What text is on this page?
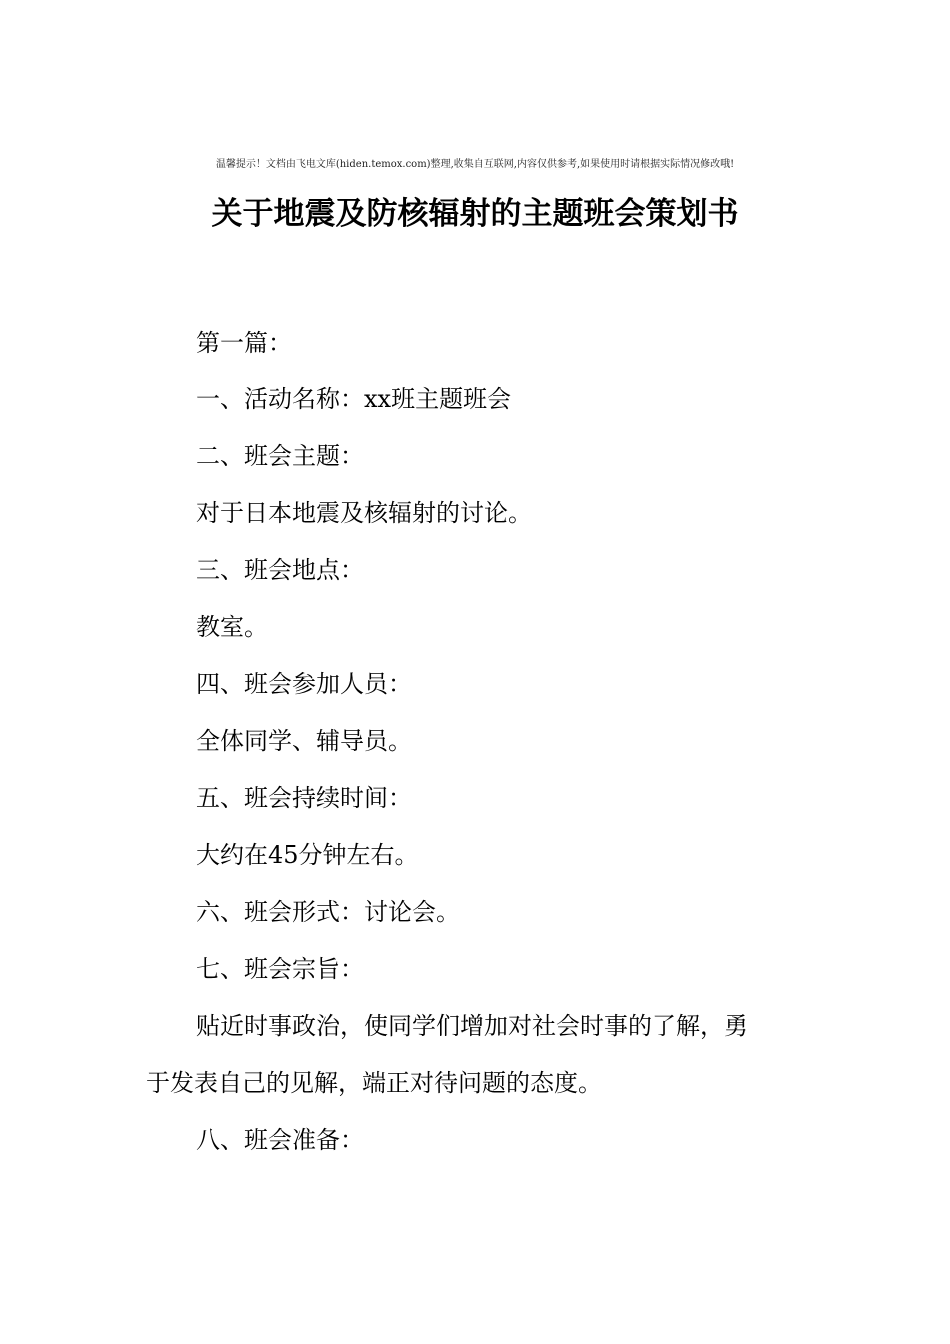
温馨提示！文档由飞电文库(hiden.temox.com)整理,收集自互联网,内容仅供参考,如果使用时请根据实际情况修改哦!
关于地震及防核辐射的主题班会策划书
第一篇：
一、活动名称：xx班主题班会
二、班会主题：
对于日本地震及核辐射的讨论。
三、班会地点：
教室。
四、班会参加人员：
全体同学、辅导员。
五、班会持续时间：
大约在45分钟左右。
六、班会形式：讨论会。
七、班会宗旨：
贴近时事政治，使同学们增加对社会时事的了解，勇
于发表自己的见解，端正对待问题的态度。
八、班会准备：
